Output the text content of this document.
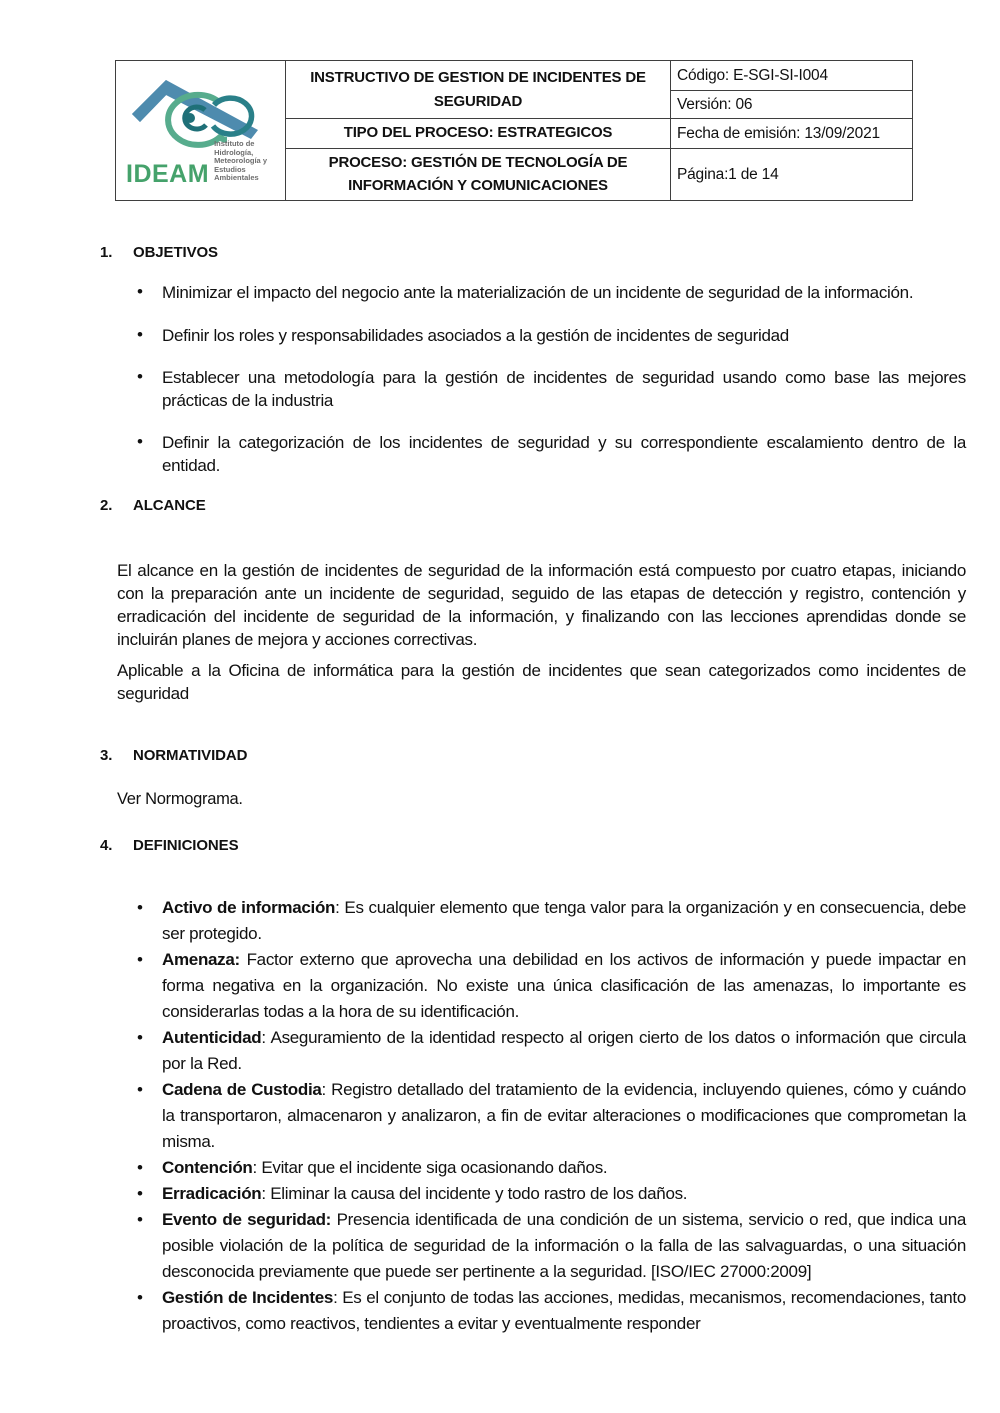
IDEAM
Instituto de Hidrología,
Meteorología y
Estudios Ambientales	INSTRUCTIVO DE GESTION DE INCIDENTES DE SEGURIDAD	Código: E-SGI-SI-I004
		Versión: 06
	TIPO DEL PROCESO: ESTRATEGICOS	Fecha de emisión: 13/09/2021
	PROCESO: GESTIÓN DE TECNOLOGÍA DE INFORMACIÓN Y COMUNICACIONES	Página:1 de 14
1.	OBJETIVOS
• Minimizar el impacto del negocio ante la materialización de un incidente de seguridad de la información.
• Definir los roles y responsabilidades asociados a la gestión de incidentes de seguridad
• Establecer una metodología para la gestión de incidentes de seguridad usando como base las mejores prácticas de la industria
• Definir la categorización de los incidentes de seguridad y su correspondiente escalamiento dentro de la entidad.
2.	ALCANCE

El alcance en la gestión de incidentes de seguridad de la información está compuesto por cuatro etapas, iniciando con la preparación ante un incidente de seguridad, seguido de las etapas de detección y registro, contención y erradicación del incidente de seguridad de la información, y finalizando con las lecciones aprendidas donde se incluirán planes de mejora y acciones correctivas.

Aplicable a la Oficina de informática para la gestión de incidentes que sean categorizados como incidentes de seguridad

3.	NORMATIVIDAD

Ver Normograma.

4.	DEFINICIONES
• Activo de información: Es cualquier elemento que tenga valor para la organización y en consecuencia, debe ser protegido.
• Amenaza: Factor externo que aprovecha una debilidad en los activos de información y puede impactar en forma negativa en la organización. No existe una única clasificación de las amenazas, lo importante es considerarlas todas a la hora de su identificación.
• Autenticidad: Aseguramiento de la identidad respecto al origen cierto de los datos o información que circula por la Red.
• Cadena de Custodia: Registro detallado del tratamiento de la evidencia, incluyendo quienes, cómo y cuándo la transportaron, almacenaron y analizaron, a fin de evitar alteraciones o modificaciones que comprometan la misma.
• Contención: Evitar que el incidente siga ocasionando daños.
• Erradicación: Eliminar la causa del incidente y todo rastro de los daños.
• Evento de seguridad: Presencia identificada de una condición de un sistema, servicio o red, que indica una posible violación de la política de seguridad de la información o la falla de las salvaguardas, o una situación desconocida previamente que puede ser pertinente a la seguridad. [ISO/IEC 27000:2009]
• Gestión de Incidentes: Es el conjunto de todas las acciones, medidas, mecanismos, recomendaciones, tanto proactivos, como reactivos, tendientes a evitar y eventualmente responder
